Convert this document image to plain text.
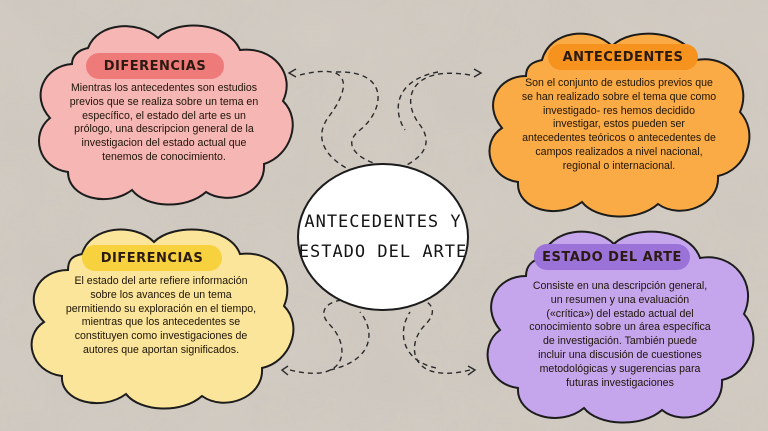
DIFERENCIAS
Mientras los antecedentes son estudios
previos que se realiza sobre un tema en
específico, el estado del arte es un
prólogo, una descripcion general de la
investigacion del estado actual que
tenemos de conocimiento.
ANTECEDENTES
Son el conjunto de estudios previos que
se han realizado sobre el tema que como
investigado- res hemos decidido
investigar, estos pueden ser
antecedentes teóricos o antecedentes de
campos realizados a nivel nacional,
regional o internacional.
DIFERENCIAS
El estado del arte refiere información
sobre los avances de un tema
permitiendo su exploración en el tiempo,
mientras que los antecedentes se
constituyen como investigaciones de
autores que aportan significados.
ESTADO DEL ARTE
Consiste en una descripción general,
un resumen y una evaluación
(«crítica») del estado actual del
conocimiento sobre un área específica
de investigación. También puede
incluir una discusión de cuestiones
metodológicas y sugerencias para
futuras investigaciones
ANTECEDENTES Y
ESTADO DEL ARTE
